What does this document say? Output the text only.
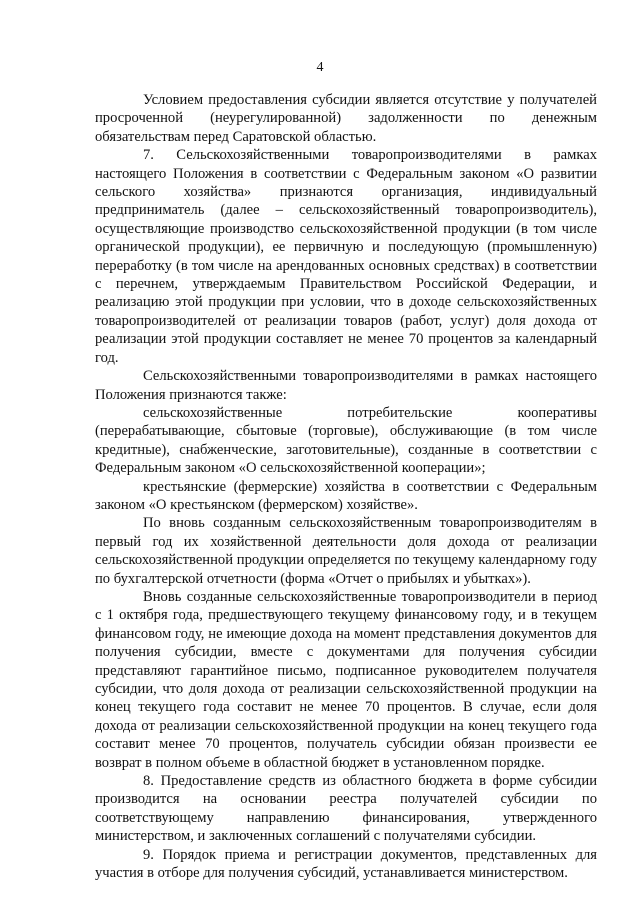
4

Условием предоставления субсидии является отсутствие у получателей просроченной (неурегулированной) задолженности по денежным обязательствам перед Саратовской областью.

7. Сельскохозяйственными товаропроизводителями в рамках настоящего Положения в соответствии с Федеральным законом «О развитии сельского хозяйства» признаются организация, индивидуальный предприниматель (далее – сельскохозяйственный товаропроизводитель), осуществляющие производство сельскохозяйственной продукции (в том числе органической продукции), ее первичную и последующую (промышленную) переработку (в том числе на арендованных основных средствах) в соответствии с перечнем, утверждаемым Правительством Российской Федерации, и реализацию этой продукции при условии, что в доходе сельскохозяйственных товаропроизводителей от реализации товаров (работ, услуг) доля дохода от реализации этой продукции составляет не менее 70 процентов за календарный год.

Сельскохозяйственными товаропроизводителями в рамках настоящего Положения признаются также:

сельскохозяйственные потребительские кооперативы (перерабатывающие, сбытовые (торговые), обслуживающие (в том числе кредитные), снабженческие, заготовительные), созданные в соответствии с Федеральным законом «О сельскохозяйственной кооперации»;

крестьянские (фермерские) хозяйства в соответствии с Федеральным законом «О крестьянском (фермерском) хозяйстве».

По вновь созданным сельскохозяйственным товаропроизводителям в первый год их хозяйственной деятельности доля дохода от реализации сельскохозяйственной продукции определяется по текущему календарному году по бухгалтерской отчетности (форма «Отчет о прибылях и убытках»).

Вновь созданные сельскохозяйственные товаропроизводители в период с 1 октября года, предшествующего текущему финансовому году, и в текущем финансовом году, не имеющие дохода на момент представления документов для получения субсидии, вместе с документами для получения субсидии представляют гарантийное письмо, подписанное руководителем получателя субсидии, что доля дохода от реализации сельскохозяйственной продукции на конец текущего года составит не менее 70 процентов. В случае, если доля дохода от реализации сельскохозяйственной продукции на конец текущего года составит менее 70 процентов, получатель субсидии обязан произвести ее возврат в полном объеме в областной бюджет в установленном порядке.

8. Предоставление средств из областного бюджета в форме субсидии производится на основании реестра получателей субсидии по соответствующему направлению финансирования, утвержденного министерством, и заключенных соглашений с получателями субсидии.

9. Порядок приема и регистрации документов, представленных для участия в отборе для получения субсидий, устанавливается министерством.
